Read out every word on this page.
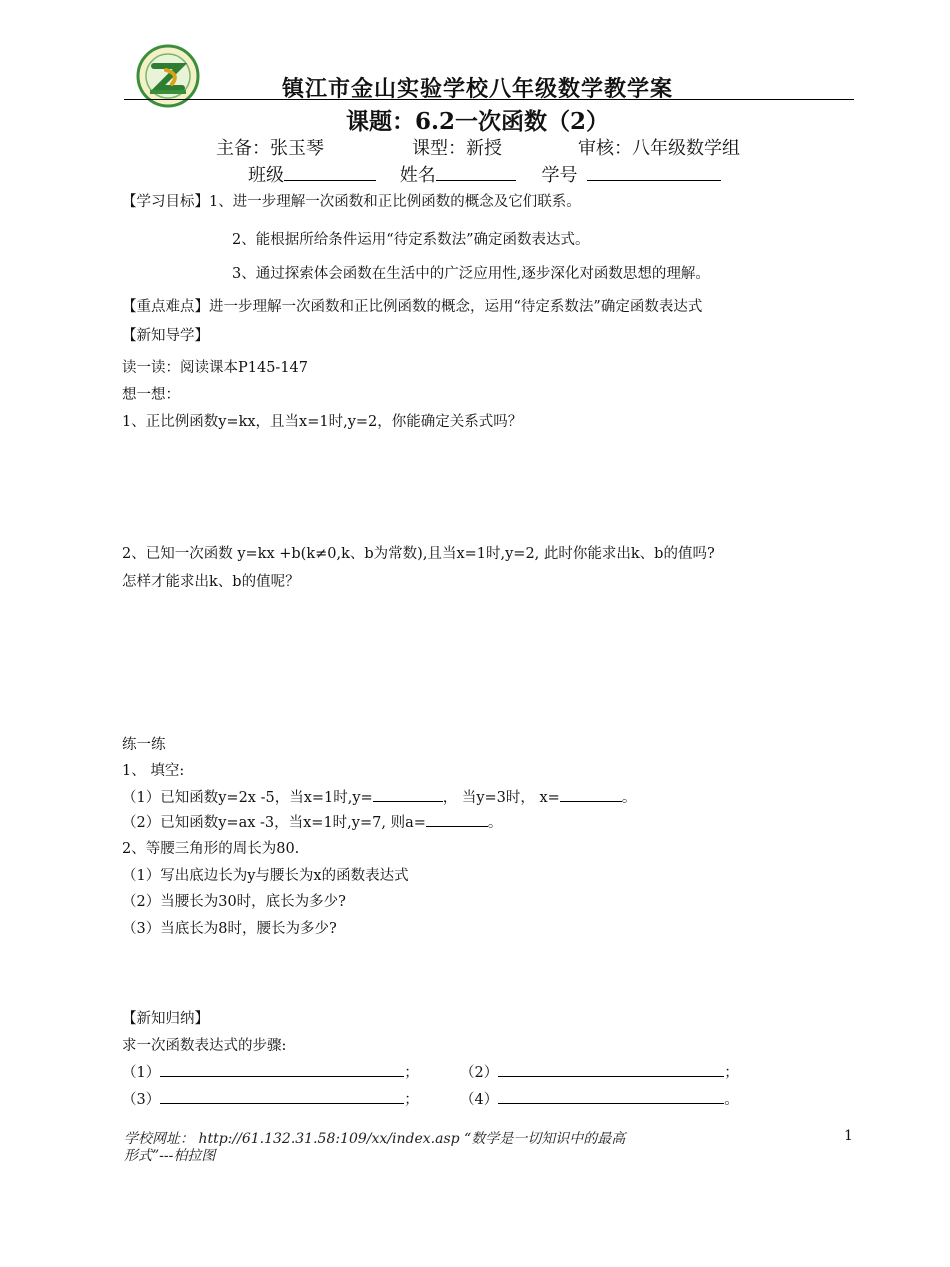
镇江市金山实验学校八年级数学教学案
课题：6.2一次函数（2）
主备：张玉琴	课型：新授	审核：八年级数学组
班级	姓名	学号
【学习目标】1、进一步理解一次函数和正比例函数的概念及它们联系。
2、能根据所给条件运用“待定系数法”确定函数表达式。
3、通过探索体会函数在生活中的广泛应用性,逐步深化对函数思想的理解。
【重点难点】进一步理解一次函数和正比例函数的概念，运用“待定系数法”确定函数表达式
【新知导学】
读一读：阅读课本P145-147
想一想：
1、正比例函数y=kx，且当x=1时,y=2，你能确定关系式吗？
2、已知一次函数 y=kx +b(k≠0,k、b为常数),且当x=1时,y=2, 此时你能求出k、b的值吗?
怎样才能求出k、b的值呢？
练一练
1、 填空:
（1）已知函数y=2x -5，当x=1时,y=	， 当y=3时， x=	。
（2）已知函数y=ax -3，当x=1时,y=7, 则a=	。
2、等腰三角形的周长为80.
（1）写出底边长为y与腰长为x的函数表达式
（2）当腰长为30时，底长为多少?
（3）当底长为8时，腰长为多少?
【新知归纳】
求一次函数表达式的步骤:
（1）	；	（2）	；
（3）	；	（4）	。
学校网址： http://61.132.31.58:109/xx/index.asp “数学是一切知识中的最高
形式”---柏拉图
1
